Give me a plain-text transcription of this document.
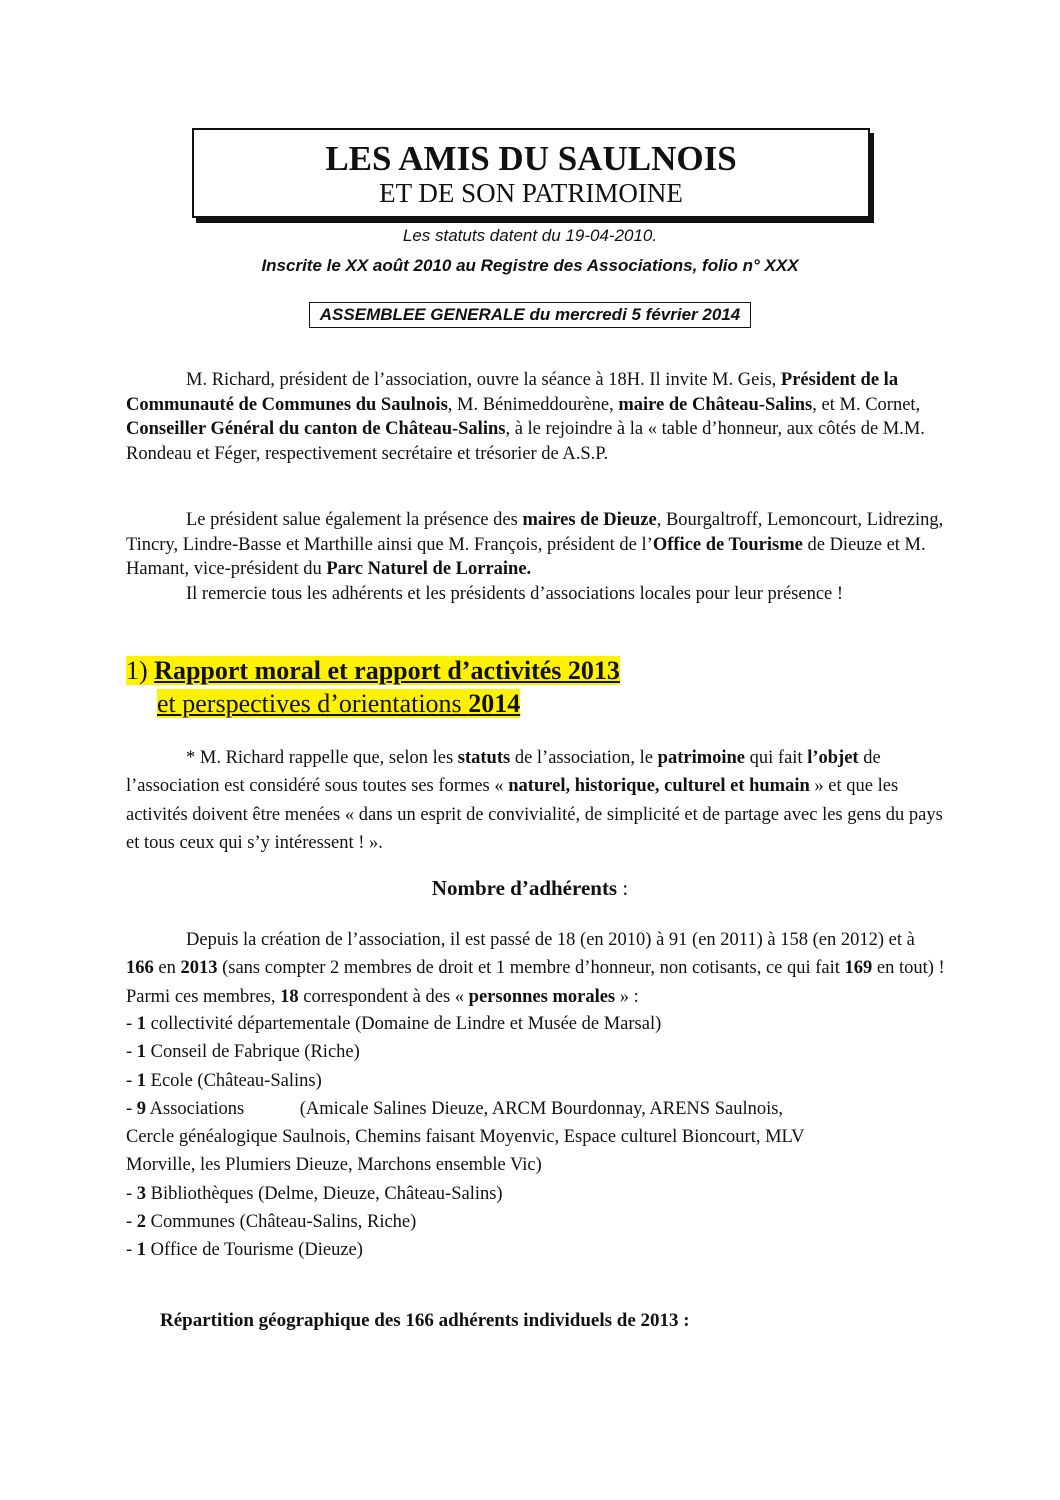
LES AMIS DU SAULNOIS
ET DE SON PATRIMOINE
Les statuts datent du 19-04-2010.
Inscrite le XX août 2010 au Registre des Associations, folio n° XXX
ASSEMBLEE GENERALE du mercredi 5 février 2014

M. Richard, président de l’association, ouvre la séance à 18H. Il invite M. Geis, Président de la Communauté de Communes du Saulnois, M. Bénimeddourène, maire de Château-Salins, et M. Cornet, Conseiller Général du canton de Château-Salins, à le rejoindre à la « table d’honneur, aux côtés de M.M. Rondeau et Féger, respectivement secrétaire et trésorier de A.S.P.

Le président salue également la présence des maires de Dieuze, Bourgaltroff, Lemoncourt, Lidrezing, Tincry, Lindre-Basse et Marthille ainsi que M. François, président de l’Office de Tourisme de Dieuze et M. Hamant, vice-président du Parc Naturel de Lorraine.

Il remercie tous les adhérents et les présidents d’associations locales pour leur présence !

1) Rapport moral et rapport d’activités 2013
et perspectives d’orientations 2014

* M. Richard rappelle que, selon les statuts de l’association, le patrimoine qui fait l’objet de l’association est considéré sous toutes ses formes « naturel, historique, culturel et humain » et que les activités doivent être menées « dans un esprit de convivialité, de simplicité et de partage avec les gens du pays et tous ceux qui s’y intéressent ! ».

Nombre d’adhérents :

Depuis la création de l’association, il est passé de 18 (en 2010) à 91 (en 2011) à 158 (en 2012) et à 166 en 2013 (sans compter 2 membres de droit et 1 membre d’honneur, non cotisants, ce qui fait 169 en tout) !

Parmi ces membres, 18 correspondent à des « personnes morales » :

- 1 collectivité départementale (Domaine de Lindre et Musée de Marsal)
- 1 Conseil de Fabrique (Riche)
- 1 Ecole (Château-Salins)
- 9 Associations            (Amicale Salines Dieuze, ARCM Bourdonnay, ARENS Saulnois,
Cercle généalogique Saulnois, Chemins faisant Moyenvic, Espace culturel Bioncourt, MLV
Morville, les Plumiers Dieuze, Marchons ensemble Vic)
- 3 Bibliothèques (Delme, Dieuze, Château-Salins)
- 2 Communes (Château-Salins, Riche)
- 1 Office de Tourisme (Dieuze)
Répartition géographique des 166 adhérents individuels de 2013 :
